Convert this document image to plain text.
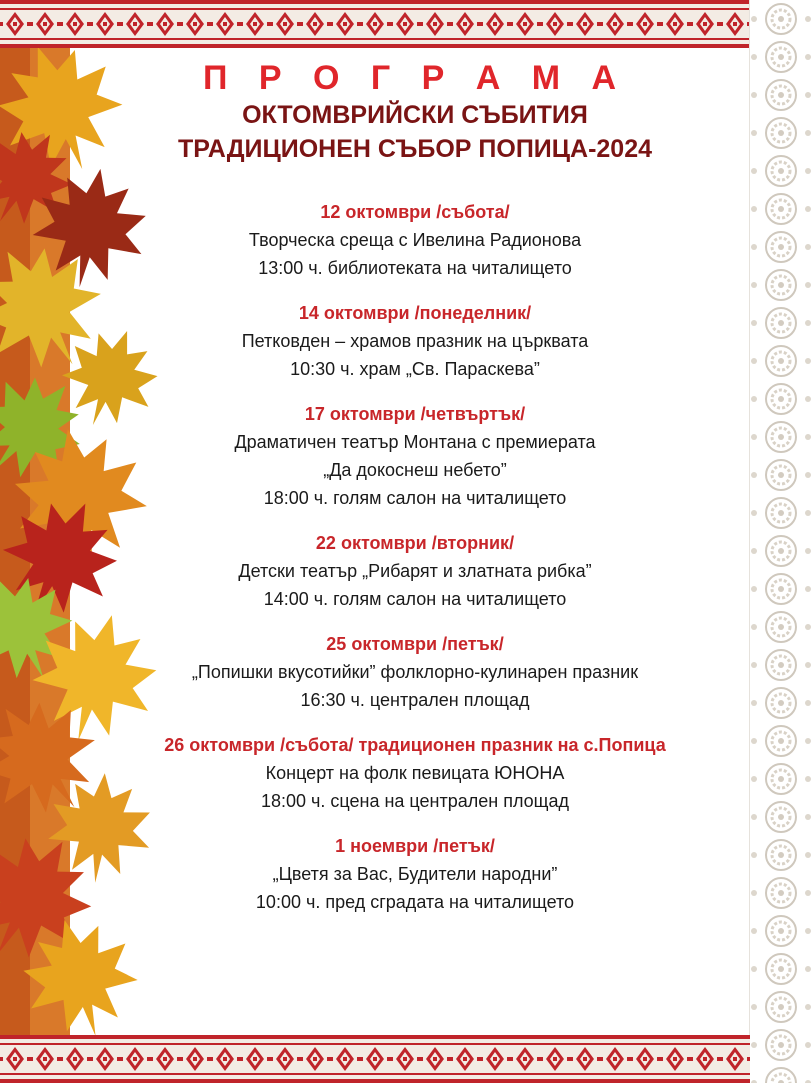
П Р О Г Р А М А
ОКТОМВРИЙСКИ СЪБИТИЯ
ТРАДИЦИОНЕН СЪБОР ПОПИЦА-2024
12 октомври /събота/
Творческа среща с Ивелина Радионова
13:00 ч. библиотеката на читалището
14 октомври /понеделник/
Петковден – храмов празник на църквата
10:30 ч. храм „Св. Параскева”
17 октомври /четвъртък/
Драматичен театър Монтана с премиерата
„Да докоснеш небето”
18:00 ч. голям салон на читалището
22 октомври /вторник/
Детски театър „Рибарят и златната рибка”
14:00 ч. голям салон на читалището
25 октомври /петък/
„Попишки вкусотийки” фолклорно-кулинарен празник
16:30 ч. централен площад
26 октомври /събота/ традиционен празник на с.Попица
Концерт на фолк певицата ЮНОНА
18:00 ч. сцена на централен площад
1 ноември /петък/
„Цветя за Вас, Будители народни”
10:00 ч. пред сградата на читалището
